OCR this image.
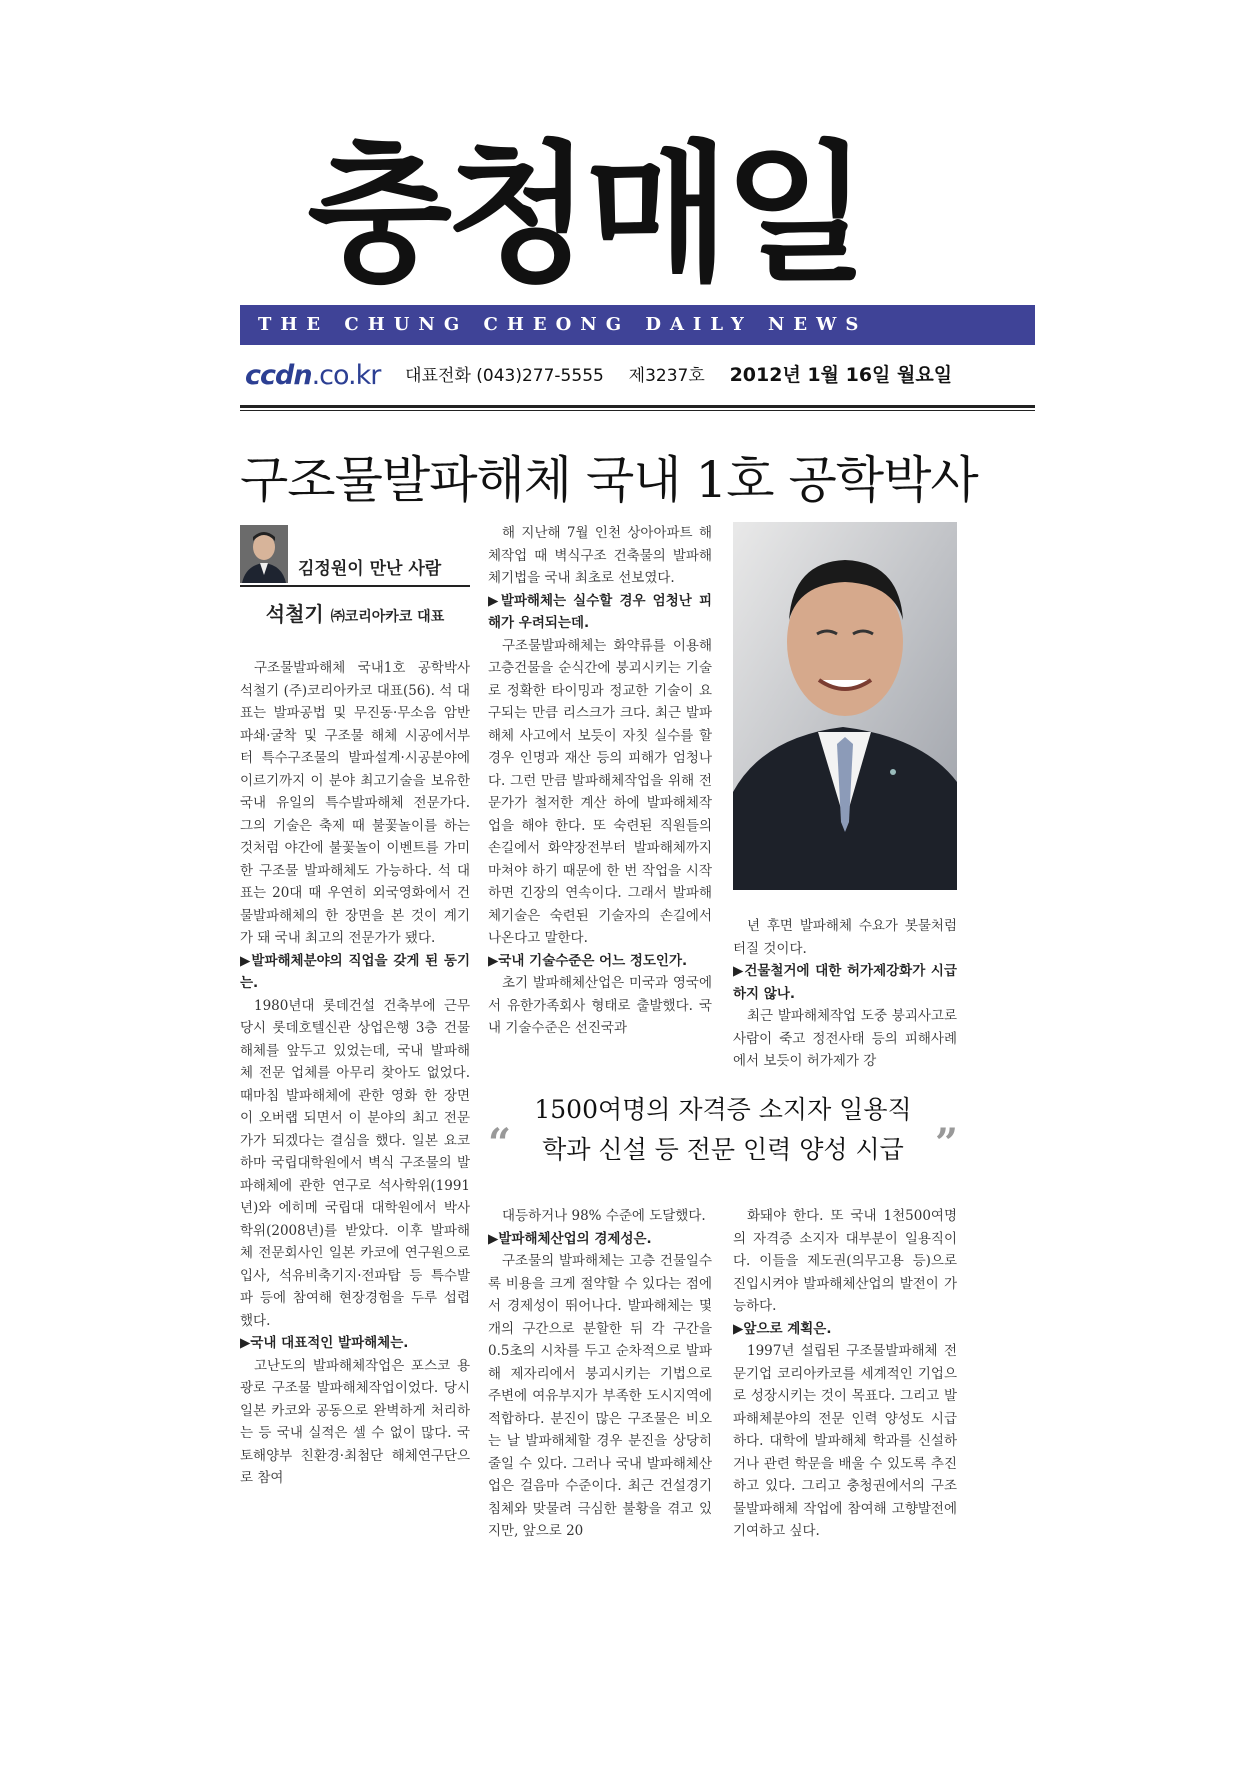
충청매일
THE CHUNG CHEONG DAILY NEWS
ccdn.co.kr 대표전화 (043)277-5555 제3237호 2012년 1월 16일 월요일
구조물발파해체 국내 1호 공학박사
김정원이 만난 사람
석철기 ㈜코리아카코 대표

구조물발파해체 국내1호 공학박사 석철기 (주)코리아카코 대표(56). 석 대표는 발파공법 및 무진동·무소음 암반파쇄·굴착 및 구조물 해체 시공에서부터 특수구조물의 발파설계·시공분야에 이르기까지 이 분야 최고기술을 보유한 국내 유일의 특수발파해체 전문가다. 그의 기술은 축제 때 불꽃놀이를 하는 것처럼 야간에 불꽃놀이 이벤트를 가미한 구조물 발파해체도 가능하다. 석 대표는 20대 때 우연히 외국영화에서 건물발파해체의 한 장면을 본 것이 계기가 돼 국내 최고의 전문가가 됐다.

▶발파해체분야의 직업을 갖게 된 동기는.

1980년대 롯데건설 건축부에 근무 당시 롯데호텔신관 상업은행 3층 건물 해체를 앞두고 있었는데, 국내 발파해체 전문 업체를 아무리 찾아도 없었다. 때마침 발파해체에 관한 영화 한 장면이 오버랩 되면서 이 분야의 최고 전문가가 되겠다는 결심을 했다. 일본 요코하마 국립대학원에서 벽식 구조물의 발파해체에 관한 연구로 석사학위(1991년)와 에히메 국립대 대학원에서 박사학위(2008년)를 받았다. 이후 발파해체 전문회사인 일본 카코에 연구원으로 입사, 석유비축기지·전파탑 등 특수발파 등에 참여해 현장경험을 두루 섭렵했다.

▶국내 대표적인 발파해체는.

고난도의 발파해체작업은 포스코 용광로 구조물 발파해체작업이었다. 당시 일본 카코와 공동으로 완벽하게 처리하는 등 국내 실적은 셀 수 없이 많다. 국토해양부 친환경·최첨단 해체연구단으로 참여

해 지난해 7월 인천 상아아파트 해체작업 때 벽식구조 건축물의 발파해체기법을 국내 최초로 선보였다.

▶발파해체는 실수할 경우 엄청난 피해가 우려되는데.

구조물발파해체는 화약류를 이용해 고층건물을 순식간에 붕괴시키는 기술로 정확한 타이밍과 정교한 기술이 요구되는 만큼 리스크가 크다. 최근 발파해체 사고에서 보듯이 자칫 실수를 할 경우 인명과 재산 등의 피해가 엄청나다. 그런 만큼 발파해체작업을 위해 전문가가 철저한 계산 하에 발파해체작업을 해야 한다. 또 숙련된 직원들의 손길에서 화약장전부터 발파해체까지 마쳐야 하기 때문에 한 번 작업을 시작하면 긴장의 연속이다. 그래서 발파해체기술은 숙련된 기술자의 손길에서 나온다고 말한다.

▶국내 기술수준은 어느 정도인가.

초기 발파해체산업은 미국과 영국에서 유한가족회사 형태로 출발했다. 국내 기술수준은 선진국과

년 후면 발파해체 수요가 봇물처럼 터질 것이다.

▶건물철거에 대한 허가제강화가 시급하지 않나.

최근 발파해체작업 도중 붕괴사고로 사람이 죽고 정전사태 등의 피해사례에서 보듯이 허가제가 강

대등하거나 98% 수준에 도달했다.

▶발파해체산업의 경제성은.

구조물의 발파해체는 고층 건물일수록 비용을 크게 절약할 수 있다는 점에서 경제성이 뛰어나다. 발파해체는 몇 개의 구간으로 분할한 뒤 각 구간을 0.5초의 시차를 두고 순차적으로 발파해 제자리에서 붕괴시키는 기법으로 주변에 여유부지가 부족한 도시지역에 적합하다. 분진이 많은 구조물은 비오는 날 발파해체할 경우 분진을 상당히 줄일 수 있다. 그러나 국내 발파해체산업은 걸음마 수준이다. 최근 건설경기 침체와 맞물려 극심한 불황을 겪고 있지만, 앞으로 20

화돼야 한다. 또 국내 1천500여명의 자격증 소지자 대부분이 일용직이다. 이들을 제도권(의무고용 등)으로 진입시켜야 발파해체산업의 발전이 가능하다.

▶앞으로 계획은.

1997년 설립된 구조물발파해체 전문기업 코리아카코를 세계적인 기업으로 성장시키는 것이 목표다. 그리고 발파해체분야의 전문 인력 양성도 시급하다. 대학에 발파해체 학과를 신설하거나 관련 학문을 배울 수 있도록 추진하고 있다. 그리고 충청권에서의 구조물발파해체 작업에 참여해 고향발전에 기여하고 싶다.

“
1500여명의 자격증 소지자 일용직
학과 신설 등 전문 인력 양성 시급 ”
